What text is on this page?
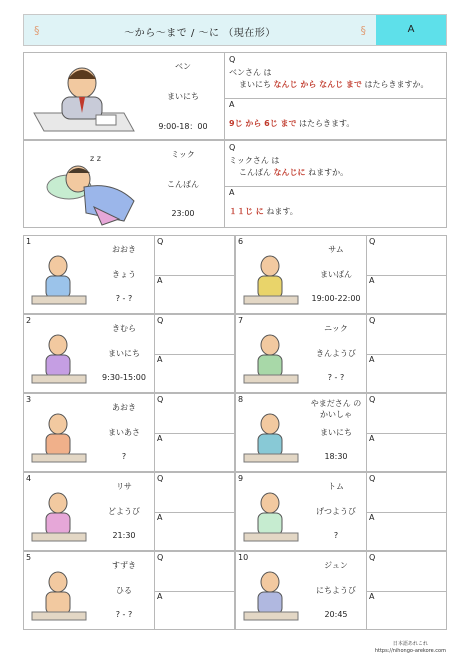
§	〜から〜まで / 〜に （現在形）	§	A
ベン
まいにち
9:00-18：00
Q
ベンさん は
まいにち なんじ から なんじ まで はたらきますか。
A
9じ から 6じ まで はたらきます。
z z	ミック
こんばん
23:00
Q
ミックさん は
こんばん なんじに ねますか。
A
１１じ に ねます。
1
おおき
きょう
? - ?
Q
A
6
サム
まいばん
19:00-22:00
Q
A
2
きむら
まいにち
9:30-15:00
Q
A
7
ニック
きんようび
? - ?
Q
A
3
あおき
まいあさ
?
Q
A
8	やまださん の かいしゃ
まいにち
18:30
Q
A
4
リサ
どようび
21:30
Q
A
9
トム
げつようび
?
Q
A
5
すずき
ひる
? - ?
Q
A
10
ジュン
にちようび
20:45
Q
A
日本語あれこれ
https://nihongo-arekore.com
